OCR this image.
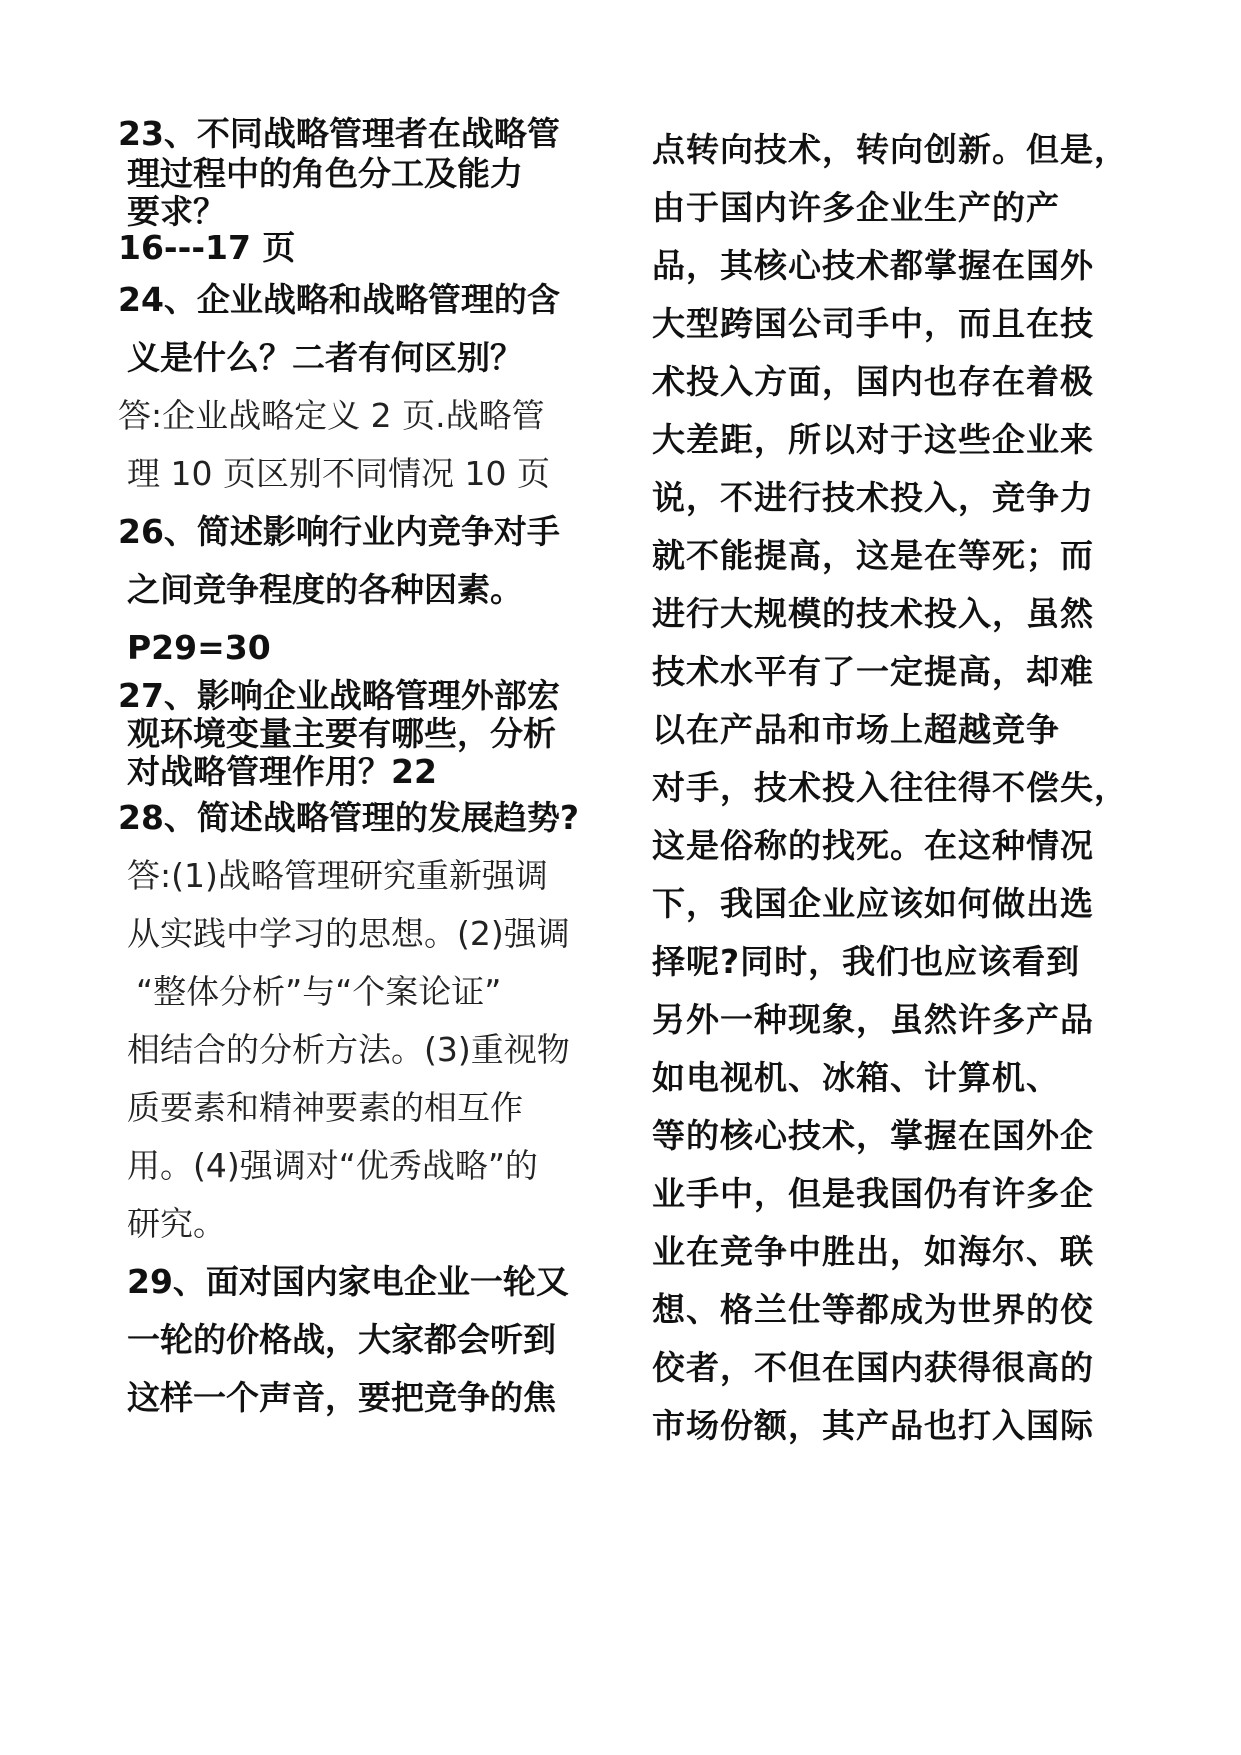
23、不同战略管理者在战略管
理过程中的角色分工及能力
要求？
16---17 页
24、企业战略和战略管理的含
义是什么？二者有何区别？
答:企业战略定义 2 页.战略管
理 10 页区别不同情况 10 页
26、简述影响行业内竞争对手
之间竞争程度的各种因素。
P29=30
27、影响企业战略管理外部宏
观环境变量主要有哪些，分析
对战略管理作用？22
28、简述战略管理的发展趋势?
答:(1)战略管理研究重新强调
从实践中学习的思想。(2)强调
“整体分析”与“个案论证”
相结合的分析方法。(3)重视物
质要素和精神要素的相互作
用。(4)强调对“优秀战略”的
研究。
29、面对国内家电企业一轮又
一轮的价格战，大家都会听到
这样一个声音，要把竞争的焦
点转向技术，转向创新。但是，
由于国内许多企业生产的产
品，其核心技术都掌握在国外
大型跨国公司手中，而且在技
术投入方面，国内也存在着极
大差距，所以对于这些企业来
说，不进行技术投入，竞争力
就不能提高，这是在等死；而
进行大规模的技术投入，虽然
技术水平有了一定提高，却难
以在产品和市场上超越竞争
对手，技术投入往往得不偿失，
这是俗称的找死。在这种情况
下，我国企业应该如何做出选
择呢?同时，我们也应该看到
另外一种现象，虽然许多产品
如电视机、冰箱、计算机、
等的核心技术，掌握在国外企
业手中，但是我国仍有许多企
业在竞争中胜出，如海尔、联
想、格兰仕等都成为世界的佼
佼者，不但在国内获得很高的
市场份额，其产品也打入国际
